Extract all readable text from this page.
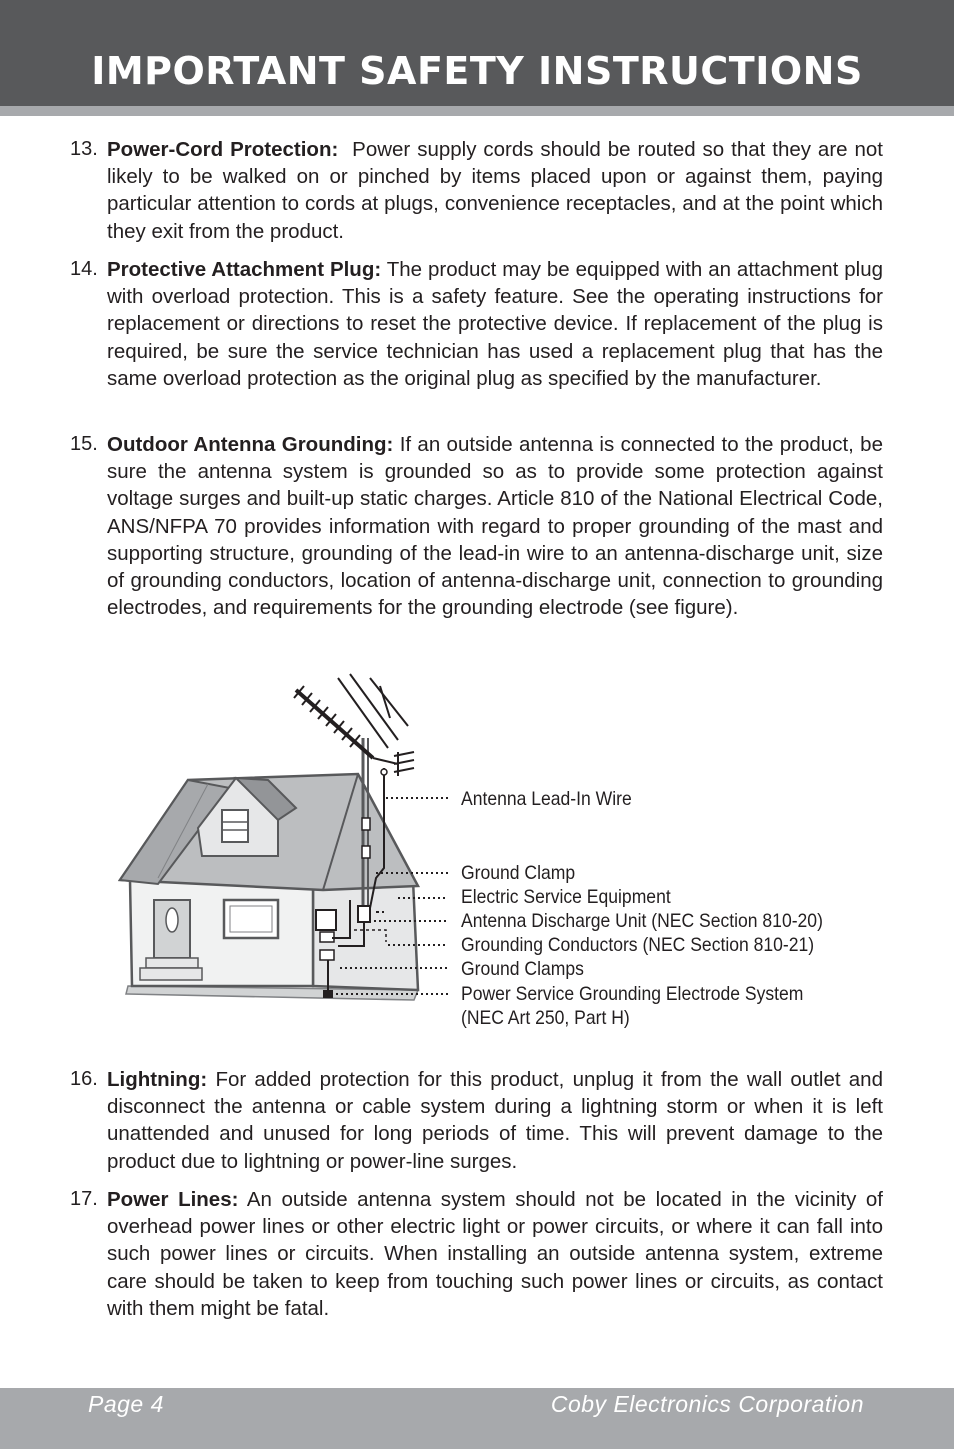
IMPORTANT SAFETY INSTRUCTIONS
13. Power-Cord Protection: Power supply cords should be routed so that they are not likely to be walked on or pinched by items placed upon or against them, paying particular attention to cords at plugs, convenience receptacles, and at the point which they exit from the product.
14. Protective Attachment Plug: The product may be equipped with an attachment plug with overload protection. This is a safety feature. See the operating instructions for replacement or directions to reset the protective device. If replacement of the plug is required, be sure the service technician has used a replacement plug that has the same overload protection as the original plug as specified by the manufacturer.
15. Outdoor Antenna Grounding: If an outside antenna is connected to the product, be sure the antenna system is grounded so as to provide some protection against voltage surges and built-up static charges. Article 810 of the National Electrical Code, ANS/NFPA 70 provides information with regard to proper grounding of the mast and supporting structure, grounding of the lead-in wire to an antenna-discharge unit, size of grounding conductors, location of antenna-discharge unit, connection to grounding electrodes, and requirements for the grounding electrode (see figure).
Antenna Lead-In Wire
Ground Clamp
Electric Service Equipment
Antenna Discharge Unit (NEC Section 810-20)
Grounding Conductors (NEC Section 810-21)
Ground Clamps
Power Service Grounding Electrode System
(NEC Art 250, Part H)
16. Lightning: For added protection for this product, unplug it from the wall outlet and disconnect the antenna or cable system during a lightning storm or when it is left unattended and unused for long periods of time. This will prevent damage to the product due to lightning or power-line surges.
17. Power Lines: An outside antenna system should not be located in the vicinity of overhead power lines or other electric light or power circuits, or where it can fall into such power lines or circuits. When installing an outside antenna system, extreme care should be taken to keep from touching such power lines or circuits, as contact with them might be fatal.
Page 4	Coby Electronics Corporation
